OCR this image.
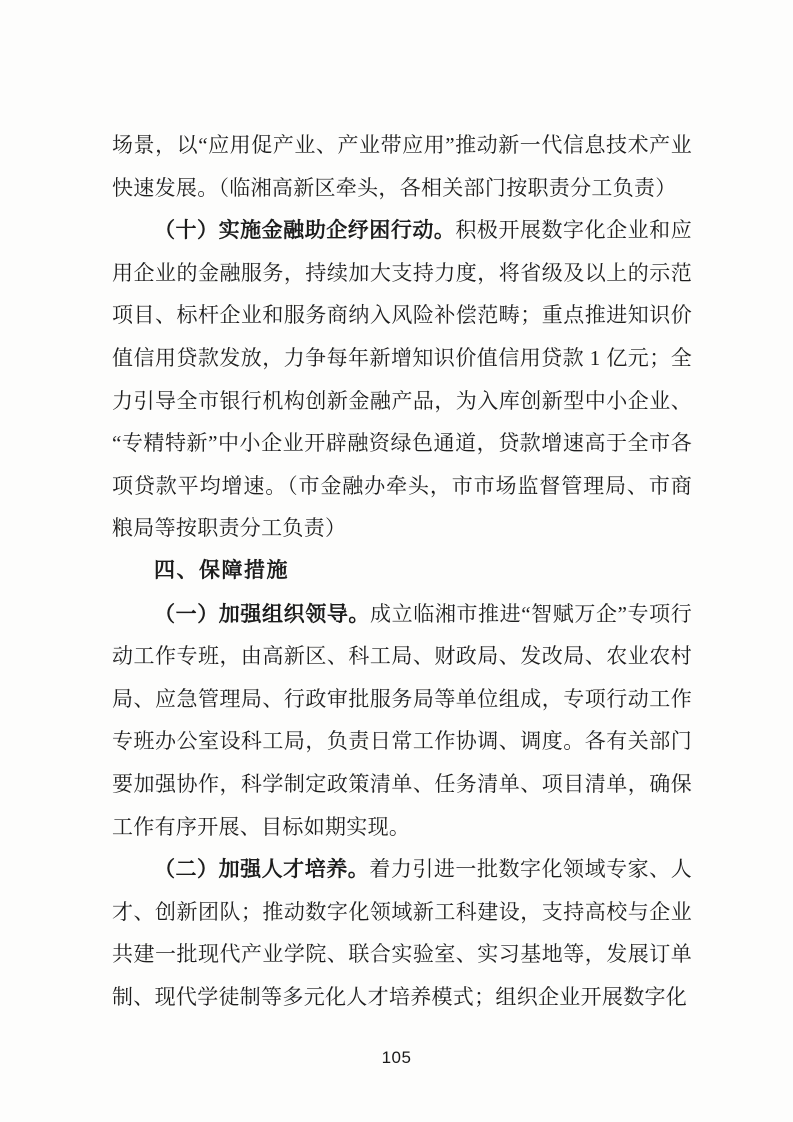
场景，以“应用促产业、产业带应用”推动新一代信息技术产业快速发展。（临湘高新区牵头，各相关部门按职责分工负责）

（十）实施金融助企纾困行动。积极开展数字化企业和应用企业的金融服务，持续加大支持力度，将省级及以上的示范项目、标杆企业和服务商纳入风险补偿范畴；重点推进知识价值信用贷款发放，力争每年新增知识价值信用贷款 1 亿元；全力引导全市银行机构创新金融产品，为入库创新型中小企业、“专精特新”中小企业开辟融资绿色通道，贷款增速高于全市各项贷款平均增速。（市金融办牵头，市市场监督管理局、市商粮局等按职责分工负责）

四、保障措施

（一）加强组织领导。成立临湘市推进“智赋万企”专项行动工作专班，由高新区、科工局、财政局、发改局、农业农村局、应急管理局、行政审批服务局等单位组成，专项行动工作专班办公室设科工局，负责日常工作协调、调度。各有关部门要加强协作，科学制定政策清单、任务清单、项目清单，确保工作有序开展、目标如期实现。

（二）加强人才培养。着力引进一批数字化领域专家、人才、创新团队；推动数字化领域新工科建设，支持高校与企业共建一批现代产业学院、联合实验室、实习基地等，发展订单制、现代学徒制等多元化人才培养模式；组织企业开展数字化

105
